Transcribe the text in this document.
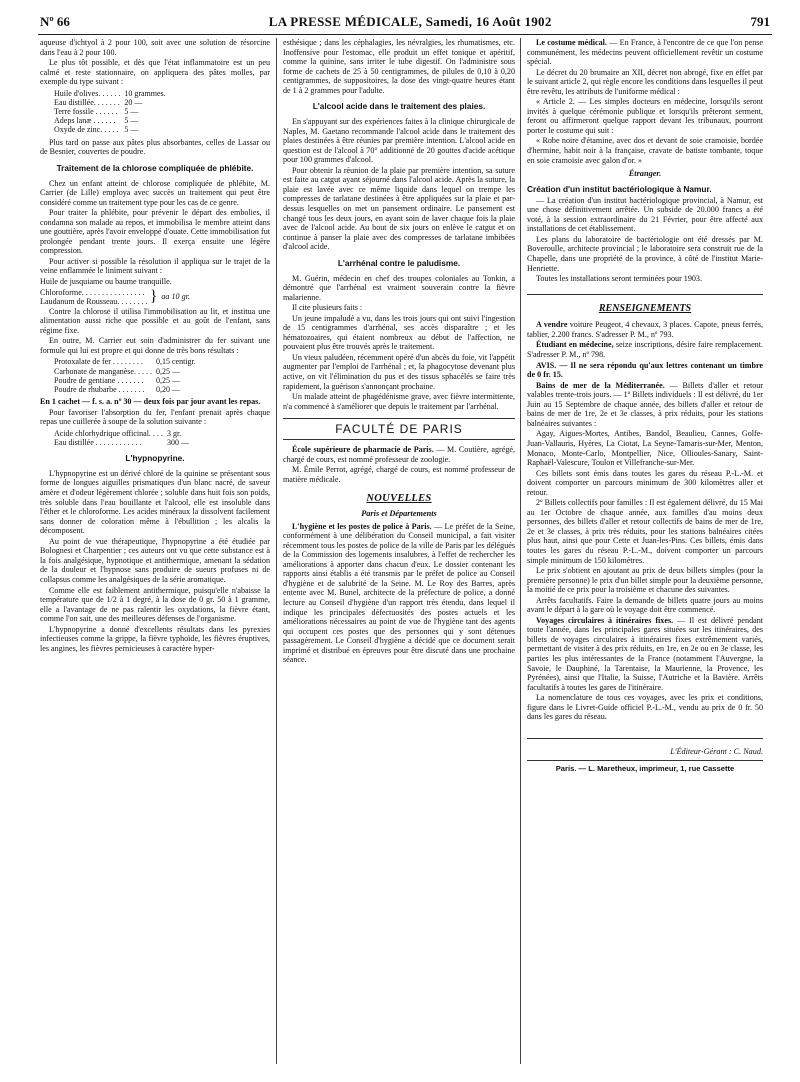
Nº 66	LA PRESSE MÉDICALE, Samedi, 16 Août 1902	791

aqueuse d'ichtyol à 2 pour 100, soit avec une solution de résorcine dans l'eau à 2 pour 100.

Le plus tôt possible, et dès que l'état inflammatoire est un peu calmé et reste stationnaire, on appliquera des pâtes molles, par exemple du type suivant :

Huile d'olives. . . . . .	10 grammes.
Eau distillée. . . . . . .	20 —
Terre fossile . . . . . .	5 —
Adeps lanæ . . . . . .	5 —
Oxyde de zinc. . . . .	5 —

Plus tard on passe aux pâtes plus absorbantes, celles de Lassar ou de Besnier, couvertes de poudre.

Traitement de la chlorose compliquée de phlébite.

Chez un enfant atteint de chlorose compliquée de phlébite, M. Carrier (de Lille) employa avec succès un traitement qui peut être considéré comme un traitement type pour les cas de ce genre.

Pour traiter la phlébite, pour prévenir le départ des embolies, il condamna son malade au repos, et immobilisa le membre atteint dans une gouttière, après l'avoir enveloppé d'ouate. Cette immobilisation fut prolongée pendant trente jours. Il exerça ensuite une légère compression.

Pour activer si possible la résolution il appliqua sur le trajet de la veine enflammée le liniment suivant :

Huile de jusquiame ou baume tranquille.

Chloroforme. . . . . . . . . . . . . . . .
Laudanum de Rousseau. . . . . . . . } aa 10 gr.

Contre la chlorose il utilisa l'immobilisation au lit, et institua une alimentation aussi riche que possible et au goût de l'enfant, sans régime fixe.

En outre, M. Carrier eut soin d'administrer du fer suivant une formule qui lui est propre et qui donne de très bons résultats :

Protoxalate de fer . . . . . . . .	0,15 centigr.
Carbonate de manganèse. . . . .	0,25 —
Poudre de gentiane . . . . . . .	0,25 —
Poudre de rhubarbe . . . . . . .	0,20 —

En 1 cachet — f. s. a. nº 30 — deux fois par jour avant les repas.

Pour favoriser l'absorption du fer, l'enfant prenait après chaque repas une cuillerée à soupe de la solution suivante :

Acide chlorhydrique officinal. . . .	3 gr.
Eau distillée . . . . . . . . . . . .	300 —
L'hypnopyrine.

L'hypnopyrine est un dérivé chloré de la quinine se présentant sous forme de longues aiguilles prismatiques d'un blanc nacré, de saveur amère et d'odeur légèrement chlorée ; soluble dans huit fois son poids, très soluble dans l'eau bouillante et l'alcool, elle est insoluble dans l'éther et le chloroforme. Les acides minéraux la dissolvent facilement sans donner de coloration même à l'ébullition ; les alcalis la décomposent.

Au point de vue thérapeutique, l'hypnopyrine a été étudiée par Bolognesi et Charpentier ; ces auteurs ont vu que cette substance est à la fois analgésique, hypnotique et antithermique, amenant la sédation de la douleur et l'hypnose sans produire de sueurs profuses ni de collapsus comme les analgésiques de la série aromatique.

Comme elle est faiblement antithermique, puisqu'elle n'abaisse la température que de 1/2 à 1 degré, à la dose de 0 gr. 50 à 1 gramme, elle a l'avantage de ne pas ralentir les oxydations, la fièvre étant, comme l'on sait, une des meilleures défenses de l'organisme.

L'hypnopyrine a donné d'excellents résultats dans les pyrexies infectieuses comme la grippe, la fièvre typhoïde, les fièvres éruptives, les angines, les fièvres pernicieuses à caractère hyper-

esthésique ; dans les céphalagies, les névralgies, les rhumatismes, etc. Inoffensive pour l'estomac, elle produit un effet tonique et apéritif, comme la quinine, sans irriter le tube digestif. On l'administre sous forme de cachets de 25 à 50 centigrammes, de pilules de 0,10 à 0,20 centigrammes, de suppositoires, la dose des vingt-quatre heures étant de 1 à 2 grammes pour l'adulte.

L'alcool acide dans le traitement des plaies.

En s'appuyant sur des expériences faites à la clinique chirurgicale de Naples, M. Gaetano recommande l'alcool acide dans le traitement des plaies destinées à être réunies par première intention. L'alcool acide en question est de l'alcool à 70° additionné de 20 gouttes d'acide acétique pour 100 grammes d'alcool.

Pour obtenir la réunion de la plaie par première intention, sa suture est faite au catgut ayant séjourné dans l'alcool acide. Après la suture, la plaie est lavée avec ce même liquide dans lequel on trempe les compresses de tarlatane destinées à être appliquées sur la plaie et par-dessus lesquelles on met un pansement ordinaire. Le pansement est changé tous les deux jours, en ayant soin de laver chaque fois la plaie avec de l'alcool acide. Au bout de six jours on enlève le catgut et on continue à panser la plaie avec des compresses de tarlatane imbibées d'alcool acide.

L'arrhénal contre le paludisme.

M. Guérin, médecin en chef des troupes coloniales au Tonkin, a démontré que l'arrhénal est vraiment souverain contre la fièvre malarienne.

Il cite plusieurs faits :

Un jeune impaludé a vu, dans les trois jours qui ont suivi l'ingestion de 15 centigrammes d'arrhénal, ses accès disparaître ; et les hématozoaires, qui étaient nombreux au début de l'affection, ne pouvaient plus être trouvés après le traitement.

Un vieux paludéen, récemment opéré d'un abcès du foie, vit l'appétit augmenter par l'emploi de l'arrhénal ; et, la phagocytose devenant plus active, on vit l'élimination du pus et des tissus sphacélés se faire très rapidement, la guérison s'annonçant prochaine.

Un malade atteint de phagédénisme grave, avec fièvre intermittente, n'a commencé à s'améliorer que depuis le traitement par l'arrhénal.

FACULTÉ DE PARIS

École supérieure de pharmacie de Paris. — M. Coutière, agrégé, chargé de cours, est nommé professeur de zoologie.

M. Émile Perrot, agrégé, chargé de cours, est nommé professeur de matière médicale.

NOUVELLES
Paris et Départements

L'hygiène et les postes de police à Paris. — Le préfet de la Seine, conformément à une délibération du Conseil municipal, a fait visiter récemment tous les postes de police de la ville de Paris par les délégués de la Commission des logements insalubres, à l'effet de rechercher les améliorations à apporter dans chacun d'eux. Le dossier contenant les rapports ainsi établis a été transmis par le préfet de police au Conseil d'hygiène et de salubrité de la Seine. M. Le Roy des Barres, après entente avec M. Bunel, architecte de la préfecture de police, a donné lecture au Conseil d'hygiène d'un rapport très étendu, dans lequel il indique les principales défectuosités des postes actuels et les améliorations nécessaires au point de vue de l'hygiène tant des agents qui occupent ces postes que des personnes qui y sont détenues passagèrement. Le Conseil d'hygiène a décidé que ce document serait imprimé et distribué en épreuves pour être discuté dans une prochaine séance.

Le costume médical. — En France, à l'encontre de ce que l'on pense communément, les médecins peuvent officiellement revêtir un costume spécial.

Le décret du 20 brumaire an XII, décret non abrogé, fixe en effet par le suivant article 2, qui règle encore les conditions dans lesquelles il peut être revêtu, les attributs de l'uniforme médical :

« Article 2. — Les simples docteurs en médecine, lorsqu'ils seront invités à quelque cérémonie publique et lorsqu'ils prêteront serment, feront ou affirmeront quelque rapport devant les tribunaux, pourront porter le costume qui suit :

« Robe noire d'étamine, avec dos et devant de soie cramoisie, bordée d'hermine, habit noir à la française, cravate de batiste tombante, toque en soie cramoisie avec galon d'or. »

Étranger.

Création d'un institut bactériologique à Namur.

— La création d'un institut bactériologique provincial, à Namur, est une chose définitivement arrêtée. Un subside de 20.000 francs a été voté, à la session extraordinaire du 21 Février, pour être affecté aux installations de cet établissement.

Les plans du laboratoire de bactériologie ont été dressés par M. Boveroulle, architecte provincial ; le laboratoire sera construit rue de la Chapelle, dans une propriété de la province, à côté de l'institut Marie-Henriette.

Toutes les installations seront terminées pour 1903.

RENSEIGNEMENTS

A vendre voiture Peugeot, 4 chevaux, 3 places. Capote, pneus ferrés, tablier, 2.200 francs. S'adresser P. M., nº 793.

Étudiant en médecine, seize inscriptions, désire faire remplacement. S'adresser P. M., nº 798.

AVIS. — Il ne sera répondu qu'aux lettres contenant un timbre de 0 fr. 15.

Bains de mer de la Méditerranée. — Billets d'aller et retour valables trente-trois jours. — 1º Billets individuels : Il est délivré, du 1er Juin au 15 Septembre de chaque année, des billets d'aller et retour de bains de mer de 1re, 2e et 3e classes, à prix réduits, pour les stations balnéaires suivantes :

Agay, Aigues-Mortes, Antibes, Bandol, Beaulieu, Cannes, Golfe-Juan-Vallauris, Hyères, La Ciotat, La Seyne-Tamaris-sur-Mer, Menton, Monaco, Monte-Carlo, Montpellier, Nice, Ollioules-Sanary, Saint-Raphaël-Valescure, Toulon et Villefranche-sur-Mer.

Ces billets sont émis dans toutes les gares du réseau P.-L.-M. et doivent comporter un parcours minimum de 300 kilomètres aller et retour.

2º Billets collectifs pour familles : Il est également délivré, du 15 Mai au 1er Octobre de chaque année, aux familles d'au moins deux personnes, des billets d'aller et retour collectifs de bains de mer de 1re, 2e et 3e classes, à prix très réduits, pour les stations balnéaires citées plus haut, ainsi que pour Cette et Juan-les-Pins. Ces billets, émis dans toutes les gares du réseau P.-L.-M., doivent comporter un parcours simple minimum de 150 kilomètres.

Le prix s'obtient en ajoutant au prix de deux billets simples (pour la première personne) le prix d'un billet simple pour la deuxième personne, la moitié de ce prix pour la troisième et chacune des suivantes.

Arrêts facultatifs. Faire la demande de billets quatre jours au moins avant le départ à la gare où le voyage doit être commencé.

Voyages circulaires à itinéraires fixes. — Il est délivré pendant toute l'année, dans les principales gares situées sur les itinéraires, des billets de voyages circulaires à itinéraires fixes extrêmement variés, permettant de visiter à des prix réduits, en 1re, en 2e ou en 3e classe, les parties les plus intéressantes de la France (notamment l'Auvergne, la Savoie, le Dauphiné, la Tarentaise, la Maurienne, la Provence, les Pyrénées), ainsi que l'Italie, la Suisse, l'Autriche et la Bavière. Arrêts facultatifs à toutes les gares de l'itinéraire.

La nomenclature de tous ces voyages, avec les prix et conditions, figure dans le Livret-Guide officiel P.-L.-M., vendu au prix de 0 fr. 50 dans les gares du réseau.

L'Éditeur-Gérant : C. Naud.
Paris. — L. Maretheux, imprimeur, 1, rue Cassette
